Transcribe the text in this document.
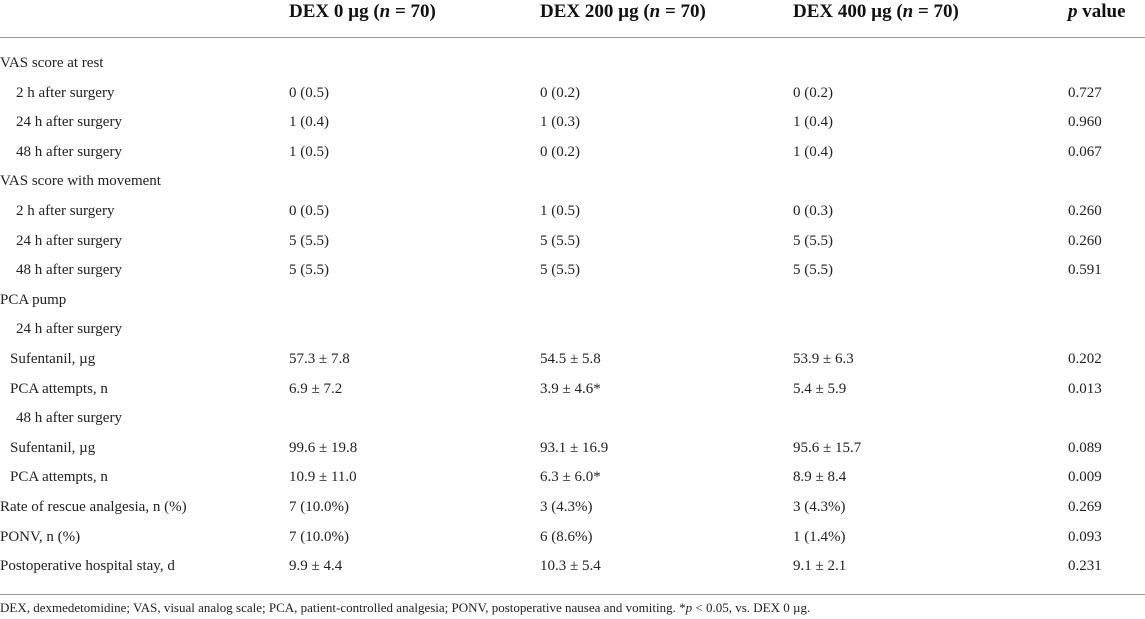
DEX 0 µg (n = 70)	DEX 200 µg (n = 70)	DEX 400 µg (n = 70)	p value
VAS score at rest
2 h after surgery	0 (0.5)	0 (0.2)	0 (0.2)	0.727
24 h after surgery	1 (0.4)	1 (0.3)	1 (0.4)	0.960
48 h after surgery	1 (0.5)	0 (0.2)	1 (0.4)	0.067
VAS score with movement
2 h after surgery	0 (0.5)	1 (0.5)	0 (0.3)	0.260
24 h after surgery	5 (5.5)	5 (5.5)	5 (5.5)	0.260
48 h after surgery	5 (5.5)	5 (5.5)	5 (5.5)	0.591
PCA pump
24 h after surgery
Sufentanil, µg	57.3 ± 7.8	54.5 ± 5.8	53.9 ± 6.3	0.202
PCA attempts, n	6.9 ± 7.2	3.9 ± 4.6*	5.4 ± 5.9	0.013
48 h after surgery
Sufentanil, µg	99.6 ± 19.8	93.1 ± 16.9	95.6 ± 15.7	0.089
PCA attempts, n	10.9 ± 11.0	6.3 ± 6.0*	8.9 ± 8.4	0.009
Rate of rescue analgesia, n (%)	7 (10.0%)	3 (4.3%)	3 (4.3%)	0.269
PONV, n (%)	7 (10.0%)	6 (8.6%)	1 (1.4%)	0.093
Postoperative hospital stay, d	9.9 ± 4.4	10.3 ± 5.4	9.1 ± 2.1	0.231
DEX, dexmedetomidine; VAS, visual analog scale; PCA, patient-controlled analgesia; PONV, postoperative nausea and vomiting. *p < 0.05, vs. DEX 0 µg.
